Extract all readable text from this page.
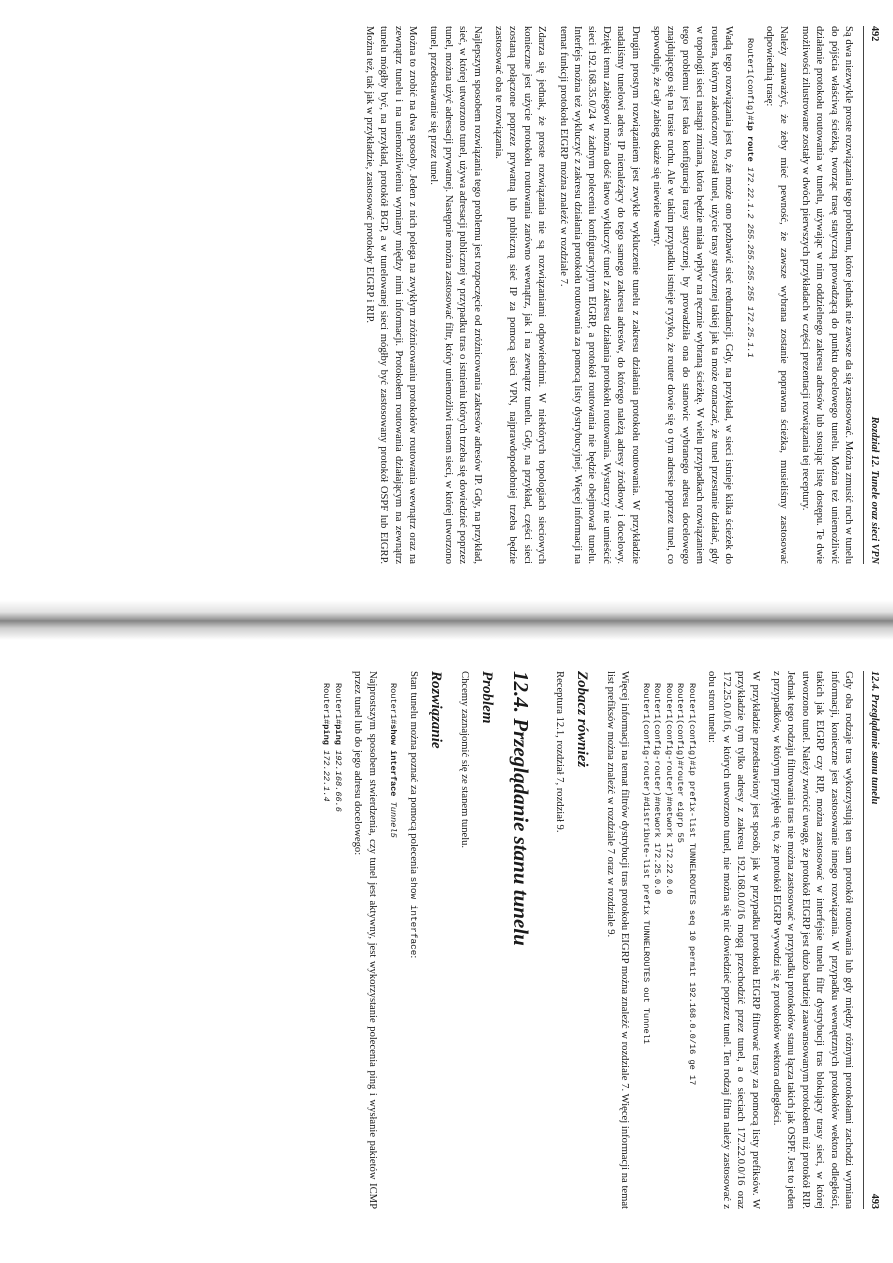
492
Rozdział 12. Tunele oraz sieci VPN

Są dwa niezwykle proste rozwiązania tego problemu, które jednak nie zawsze da się zastosować. Można zmusić ruch w tunelu do pójścia właściwą ścieżką, tworząc trasę statyczną prowadzącą do punktu docelowego tunelu. Można też uniemożliwić działanie protokołu routowania w tunelu, używając w nim oddzielnego zakresu adresów lub stosując listę dostępu. Te dwie możliwości zilustrowane zostały w dwóch pierwszych przykładach w części prezentacji rozwiązania tej receptury.

Należy zauważyć, że żeby mieć pewność, że zawsze wybrana zostanie poprawna ścieżka, musieliśmy zastosować odpowiednią trasę:

Router1(config)#ip route 172.22.1.2 255.255.255.255 172.25.1.1

Wadą tego rozwiązania jest to, że może ono pozbawić sieć redundancji. Gdy, na przykład, w sieci istnieje kilka ścieżek do routera, którym zakończony został tunel, użycie trasy statycznej takiej jak ta może oznaczać, że tunel przestanie działać, gdy w topologii sieci nastąpi zmiana, która będzie miała wpływ na ręcznie wybraną ścieżkę. W wielu przypadkach rozwiązaniem tego problemu jest taka konfiguracja trasy statycznej, by prowadziła ona do stanowic wybranego adresu docelowego znajdującego się na trasie ruchu. Ale w takim przypadku istnieje ryzyko, że router dowie się o tym adresie poprzez tunel, co spowoduje, że cały zabieg okaże się niewiele warty.

Drugim prostym rozwiązaniem jest zwykle wykluczenie tunelu z zakresu działania protokołu routowania. W przykładzie nadaliśmy tunelowi adres IP nienależący do tego samego zakresu adresów, do którego należą adresy źródłowy i docelowy. Dzięki temu zabiegowi można dość łatwo wykluczyć tunel z zakresu działania protokołu routowania. Wystarczy nie umieścić sieci 192.168.35.0/24 w żadnym poleceniu konfiguracyjnym EIGRP, a protokół routowania nie będzie obejmował tunelu. Interfejs można też wykluczyć z zakresu działania protokołu routowania za pomocą listy dystrybucyjnej. Więcej informacji na temat funkcji protokołu EIGRP można znaleźć w rozdziale 7.

Zdarza się jednak, że proste rozwiązania nie są rozwiązaniami odpowiednimi. W niektórych topologiach sieciowych konieczne jest użycie protokołu routowania zarówno wewnątrz, jak i na zewnątrz tunelu. Gdy, na przykład, części sieci zostaną połączone poprzez prywatną lub publiczną sieć IP za pomocą sieci VPN, najprawdopodobniej trzeba będzie zastosować oba te rozwiązania.

Najlepszym sposobem rozwiązania tego problemu jest rozpoczęcie od zróżnicowania zakresów adresów IP. Gdy, na przykład, sieć, w której utworzono tunel, używa adresacji publicznej w przypadku tras o istnieniu których trzeba się dowiedzieć poprzez tunel, można użyć adresacji prywatnej. Następnie można zastosować filtr, który uniemożliwi trasom sieci, w której utworzono tunel, przedostawanie się przez tunel.

Można to zrobić na dwa sposoby. Jeden z nich polega na zwykłym zróżnicowaniu protokołów routowania wewnątrz oraz na zewnątrz tunelu i na uniemożliwieniu wymiany między nimi informacji. Protokołem routowania działającym na zewnątrz tunelu mógłby być, na przykład, protokół BGP, a w tunelowanej sieci mógłby być zastosowany protokół OSPF lub EIGRP. Można też, tak jak w przykładzie, zastosować protokoły EIGRP i RIP.

12.4. Przeglądanie stanu tunelu
493

Gdy oba rodzaje tras wykorzystują ten sam protokół routowania lub gdy między różnymi protokołami zachodzi wymiana informacji, konieczne jest zastosowanie innego rozwiązania. W przypadku wewnętrznych protokołów wektora odległości, takich jak EIGRP czy RIP, można zastosować w interfejsie tunelu filtr dystrybucji tras blokujący trasy sieci, w której utworzono tunel. Należy zwrócić uwagę, że protokół EIGRP jest dużo bardziej zaawansowanym protokołem niż protokół RIP. Jednak tego rodzaju filtrowania tras nie można zastosować w przypadku protokołów stanu łącza takich jak OSPF. Jest to jeden z przypadków, w którym przyjęło się to, że protokół EIGRP wywodzi się z protokołów wektora odległości.

W przykładzie przedstawiony jest sposób, jak w przypadku protokołu EIGRP filtrować trasy za pomocą listy prefiksów. W przykładzie tym tylko adresy z zakresu 192.168.0.0/16 mogą przechodzić przez tunel, a o sieciach 172.22.0.0/16 oraz 172.25.0.0/16, w których utworzono tunel, nie można się nic dowiedzieć poprzez tunel. Ten rodzaj filtra należy zastosować z obu stron tunelu:

Router1(config)#ip prefix-list TUNNELROUTES seq 10 permit 192.168.0.0/16 ge 17
Router1(config)#router eigrp 55
Router1(config-router)#network 172.22.0.0
Router1(config-router)#network 172.25.0.0
Router1(config-router)#distribute-list prefix TUNNELROUTES out Tunnel1

Więcej informacji na temat filtrów dystrybucji tras protokołu EIGRP można znaleźć w rozdziale 7. Więcej informacji na temat list prefiksów można znaleźć w rozdziale 7 oraz w rozdziale 9.

Zobacz również

Receptura 12.1, rozdział 7, rozdział 9.

12.4. Przeglądanie stanu tunelu
Problem

Chcemy zaznajomić się ze stanem tunelu.

Rozwiązanie

Stan tunelu można poznać za pomocą polecenia show interface:

Router1#show interface Tunnel5

Najprostszym sposobem stwierdzenia, czy tunel jest aktywny, jest wykorzystanie polecenia ping i wysłanie pakietów ICMP przez tunel lub do jego adresu docelowego:

Router1#ping 192.168.66.6
Router1#ping 172.22.1.4
